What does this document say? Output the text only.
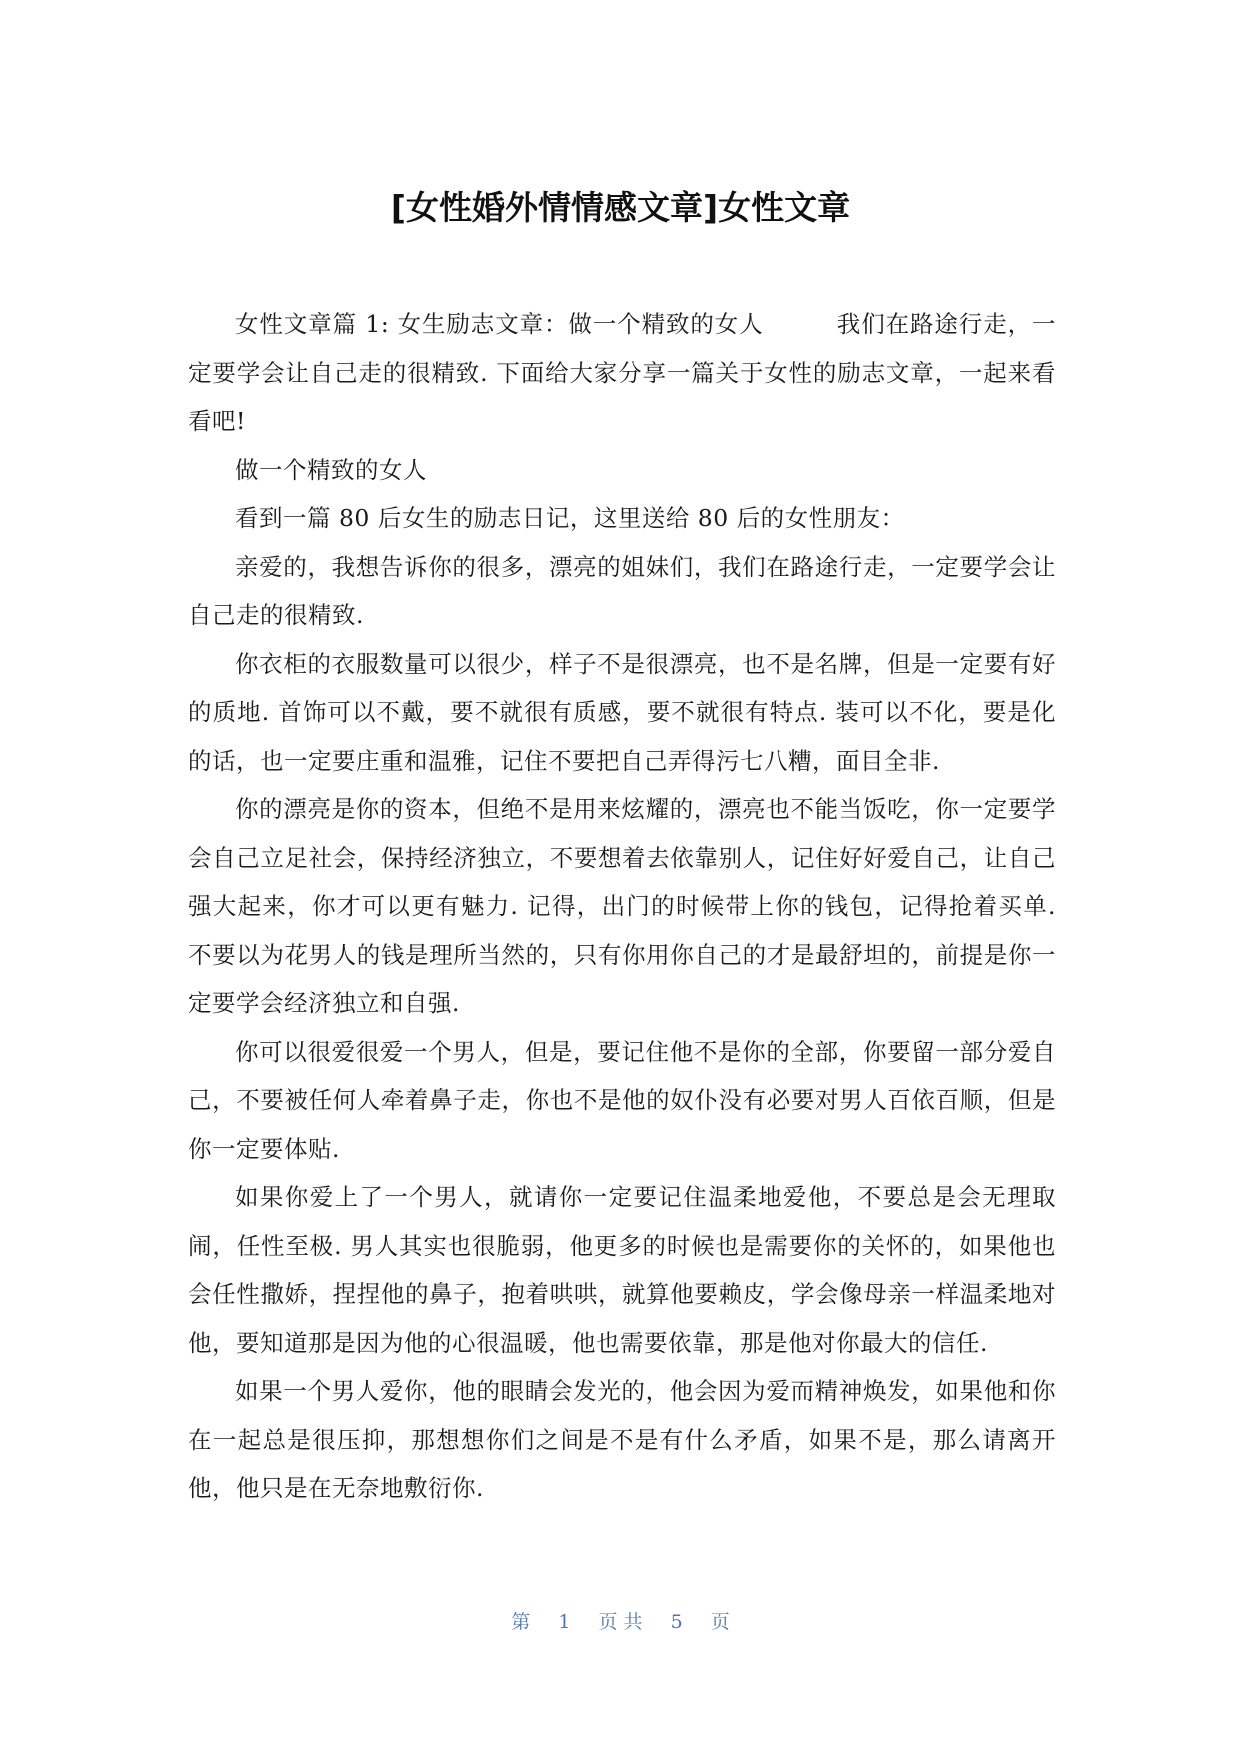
[女性婚外情情感文章]女性文章

女性文章篇 1: 女生励志文章：做一个精致的女人　　　我们在路途行走，一定要学会让自己走的很精致. 下面给大家分享一篇关于女性的励志文章，一起来看看吧!

做一个精致的女人

看到一篇 80 后女生的励志日记，这里送给 80 后的女性朋友：

亲爱的，我想告诉你的很多，漂亮的姐妹们，我们在路途行走，一定要学会让自己走的很精致.

你衣柜的衣服数量可以很少，样子不是很漂亮，也不是名牌，但是一定要有好的质地. 首饰可以不戴，要不就很有质感，要不就很有特点. 装可以不化，要是化的话，也一定要庄重和温雅，记住不要把自己弄得污七八糟，面目全非.

你的漂亮是你的资本，但绝不是用来炫耀的，漂亮也不能当饭吃，你一定要学会自己立足社会，保持经济独立，不要想着去依靠别人，记住好好爱自己，让自己强大起来，你才可以更有魅力. 记得，出门的时候带上你的钱包，记得抢着买单. 不要以为花男人的钱是理所当然的，只有你用你自己的才是最舒坦的，前提是你一定要学会经济独立和自强.

你可以很爱很爱一个男人，但是，要记住他不是你的全部，你要留一部分爱自己，不要被任何人牵着鼻子走，你也不是他的奴仆没有必要对男人百依百顺，但是你一定要体贴.

如果你爱上了一个男人，就请你一定要记住温柔地爱他，不要总是会无理取闹，任性至极. 男人其实也很脆弱，他更多的时候也是需要你的关怀的，如果他也会任性撒娇，捏捏他的鼻子，抱着哄哄，就算他要赖皮，学会像母亲一样温柔地对他，要知道那是因为他的心很温暖，他也需要依靠，那是他对你最大的信任.

如果一个男人爱你，他的眼睛会发光的，他会因为爱而精神焕发，如果他和你在一起总是很压抑，那想想你们之间是不是有什么矛盾，如果不是，那么请离开他，他只是在无奈地敷衍你.

第 1 页 共 5 页
